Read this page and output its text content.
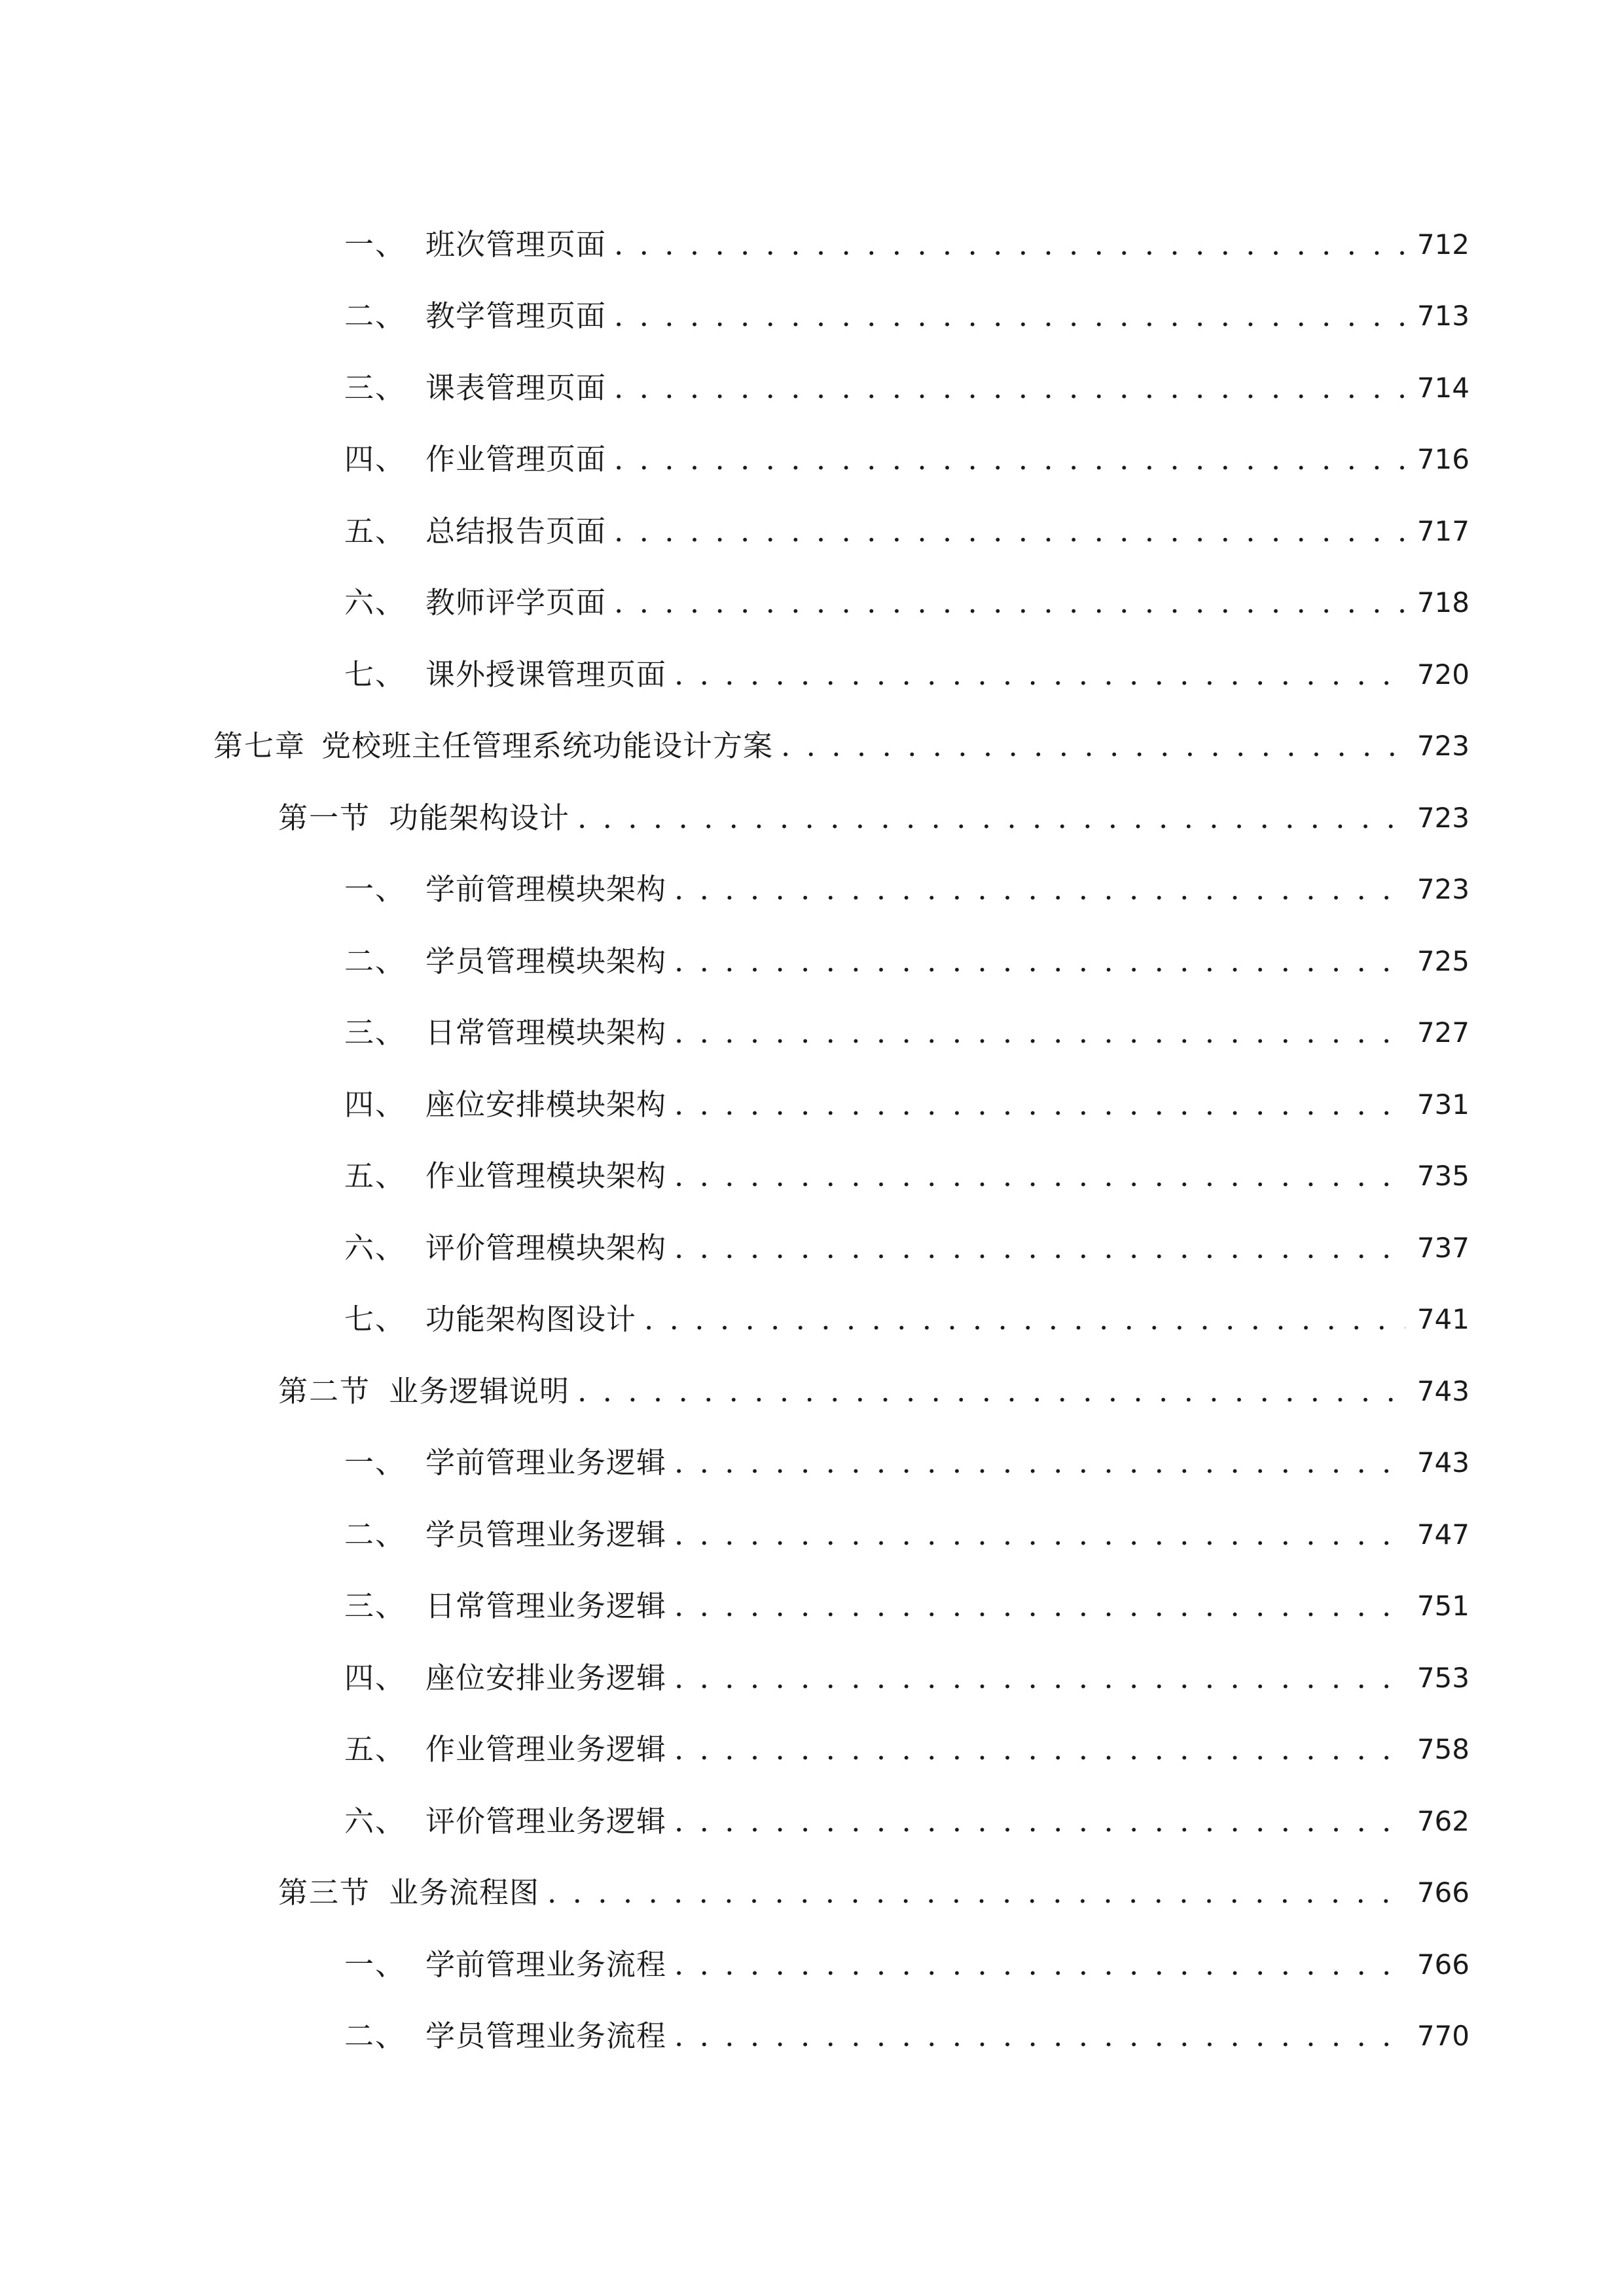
一、 班次管理页面 . . .	712
二、 教学管理页面 . . .	713
三、 课表管理页面 . . .	714
四、 作业管理页面 . . .	716
五、 总结报告页面 . . .	717
六、 教师评学页面 . . .	718
七、 课外授课管理页面 . . .	720
第七章 党校班主任管理系统功能设计方案 . . .	723
第一节 功能架构设计 . . .	723
一、 学前管理模块架构 . . .	723
二、 学员管理模块架构 . . .	725
三、 日常管理模块架构 . . .	727
四、 座位安排模块架构 . . .	731
五、 作业管理模块架构 . . .	735
六、 评价管理模块架构 . . .	737
七、 功能架构图设计 . . .	741
第二节 业务逻辑说明 . . .	743
一、 学前管理业务逻辑 . . .	743
二、 学员管理业务逻辑 . . .	747
三、 日常管理业务逻辑 . . .	751
四、 座位安排业务逻辑 . . .	753
五、 作业管理业务逻辑 . . .	758
六、 评价管理业务逻辑 . . .	762
第三节 业务流程图 . . .	766
一、 学前管理业务流程 . . .	766
二、 学员管理业务流程 . . .	770
